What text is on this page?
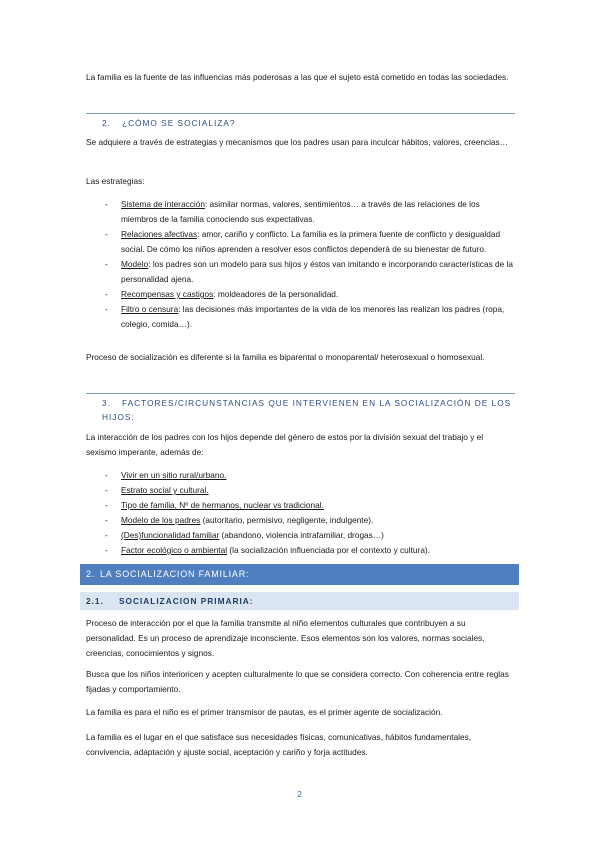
La familia es la fuente de las influencias más poderosas a las que el sujeto está cometido en todas las sociedades.

2. ¿CÓMO SE SOCIALIZA?

Se adquiere a través de estrategias y mecanismos que los padres usan para inculcar hábitos, valores, creencias…

Las estrategias:

- Sistema de interacción: asimilar normas, valores, sentimientos… a través de las relaciones de los miembros de la familia conociendo sus expectativas.
- Relaciones afectivas: amor, cariño y conflicto. La familia es la primera fuente de conflicto y desigualdad social. De cómo los niños aprenden a resolver esos conflictos dependerá de su bienestar de futuro.
- Modelo: los padres son un modelo para sus hijos y éstos van imitando e incorporando características de la personalidad ajena.
- Recompensas y castigos: moldeadores de la personalidad.
- Filtro o censura: las decisiones más importantes de la vida de los menores las realizan los padres (ropa, colegio, comida…).

Proceso de socialización es diferente si la familia es biparental o monoparental/ heterosexual o homosexual.

3. FACTORES/CIRCUNSTANCIAS QUE INTERVIENEN EN LA SOCIALIZACIÓN DE LOS HIJOS:

La interacción de los padres con los hijos depende del género de estos por la división sexual del trabajo y el sexismo imperante, además de:

- Vivir en un sitio rural/urbano.
- Estrato social y cultural.
- Tipo de familia, Nº de hermanos, nuclear vs tradicional.
- Modelo de los padres (autoritario, permisivo, negligente, indulgente).
- (Des)funcionalidad familiar (abandono, violencia intrafamiliar, drogas…)
- Factor ecológico o ambiental (la socialización influenciada por el contexto y cultura).
2. LA SOCIALIZACION FAMILIAR:
2.1. SOCIALIZACION PRIMARIA:

Proceso de interacción por el que la familia transmite al niño elementos culturales que contribuyen a su personalidad. Es un proceso de aprendizaje inconsciente. Esos elementos son los valores, normas sociales, creencias, conocimientos y signos.

Busca que los niños interioricen y acepten culturalmente lo que se considera correcto. Con coherencia entre reglas fijadas y comportamiento.

La familia es para el niño es el primer transmisor de pautas, es el primer agente de socialización.

La familia es el lugar en el que satisface sus necesidades físicas, comunicativas, hábitos fundamentales, convivencia, adaptación y ajuste social, aceptación y cariño y forja actitudes.

2
